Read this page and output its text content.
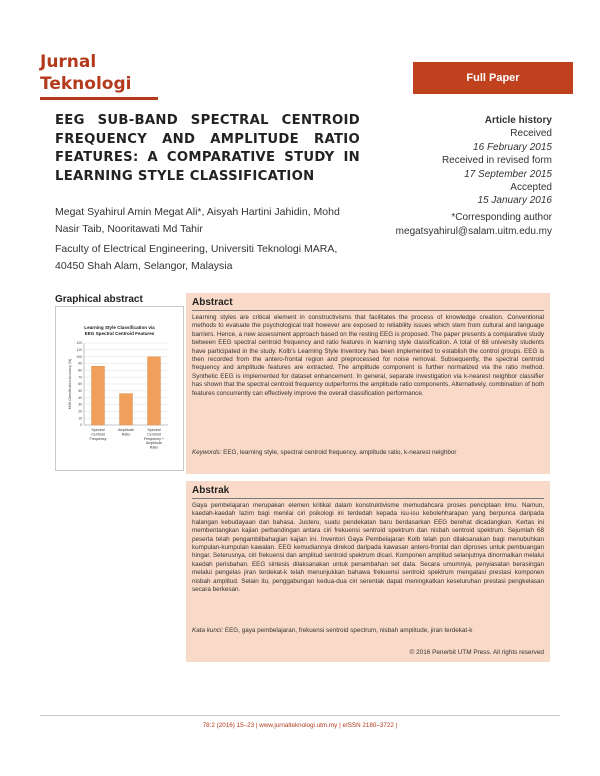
Jurnal
Teknologi	Full Paper
EEG SUB-BAND SPECTRAL CENTROID FREQUENCY AND AMPLITUDE RATIO FEATURES: A COMPARATIVE STUDY IN LEARNING STYLE CLASSIFICATION
Megat Syahirul Amin Megat Ali*, Aisyah Hartini Jahidin, Mohd Nasir Taib, Nooritawati Md Tahir
Faculty of Electrical Engineering, Universiti Teknologi MARA, 40450 Shah Alam, Selangor, Malaysia
Article history
Received
16 February 2015
Received in revised form
17 September 2015
Accepted
15 January 2016
*Corresponding author
megatsyahirul@salam.uitm.edu.my
Graphical abstract
Learning Style Classification via
EEG Spectral Centroid Features
0
10
20
30
40
50
60
70
80
90
100
110
120
KNN Classification Accuracy (%)
Spectral
Centroid
Frequency
Amplitude
Ratio
Spectral
Centroid
Frequency +
Amplitude
Ratio
Abstract
Learning styles are critical element in constructivisms that facilitates the process of knowledge creation. Conventional methods to evaluate the psychological trait however are exposed to reliability issues which stem from cultural and language barriers. Hence, a new assessment approach based on the resting EEG is proposed. The paper presents a comparative study between EEG spectral centroid frequency and ratio features in learning style classification. A total of 68 university students have participated in the study. Kolb's Learning Style Inventory has been implemented to establish the control groups. EEG is then recorded from the antero-frontal region and preprocessed for noise removal. Subsequently, the spectral centroid frequency and amplitude features are extracted. The amplitude component is further normalized via the ratio method. Synthetic EEG is implemented for dataset enhancement. In general, separate investigation via k-nearest neighbor classifier has shown that the spectral centroid frequency outperforms the amplitude ratio components. Alternatively, combination of both features concurrently can effectively improve the overall classification performance.
Keywords: EEG, learning style, spectral centroid frequency, amplitude ratio, k-nearest neighbor
Abstrak
Gaya pembelajaran merupakan elemen kritikal dalam konstruktivisme memudahcara proses penciptaan ilmu. Namun, kaedah-kaedah lazim bagi menilai ciri psikologi ini terdedah kepada isu-isu kebolehharapan yang berpunca daripada halangan kebudayaan dan bahasa. Justeru, suatu pendekatan baru berdasarkan EEG berehat dicadangkan. Kertas ini membentangkan kajian perbandingan antara ciri frekuensi sentroid spektrum dan nisbah sentroid spektrum. Sejumlah 68 peserta telah pengambilbahagian kajian ini. Inventori Gaya Pembelajaran Kolb telah pun dilaksanakan bagi menubuhkan kumpulan-kumpulan kawalan. EEG kemudiannya direkod daripada kawasan antero-frontal dan diproses untuk pembuangan hingar. Seterusnya, ciri frekuensi dan amplitud sentroid spektrum dicari. Komponen amplitud selanjutnya dinormalkan melalui kaedah perisbahan. EEG sintesis dilaksanakan untuk penambahan set data. Secara umumnya, penyiasatan berasingan melalui pengelas jiran terdekat-k telah menunjukkan bahawa frekuensi sentroid spektrum mengatasi prestasi komponen nisbah amplitud. Selain itu, penggabungan kedua-dua ciri serentak dapat meningkatkan keseluruhan prestasi pengkelasan secara berkesan.
Kata kunci: EEG, gaya pembelajaran, frekuensi sentroid spectrum, nisbah amplitude, jiran terdekat-k
© 2016 Penerbit UTM Press. All rights reserved
78:2 (2016) 15–23 | www.jurnalteknologi.utm.my | eISSN 2180–3722 |
